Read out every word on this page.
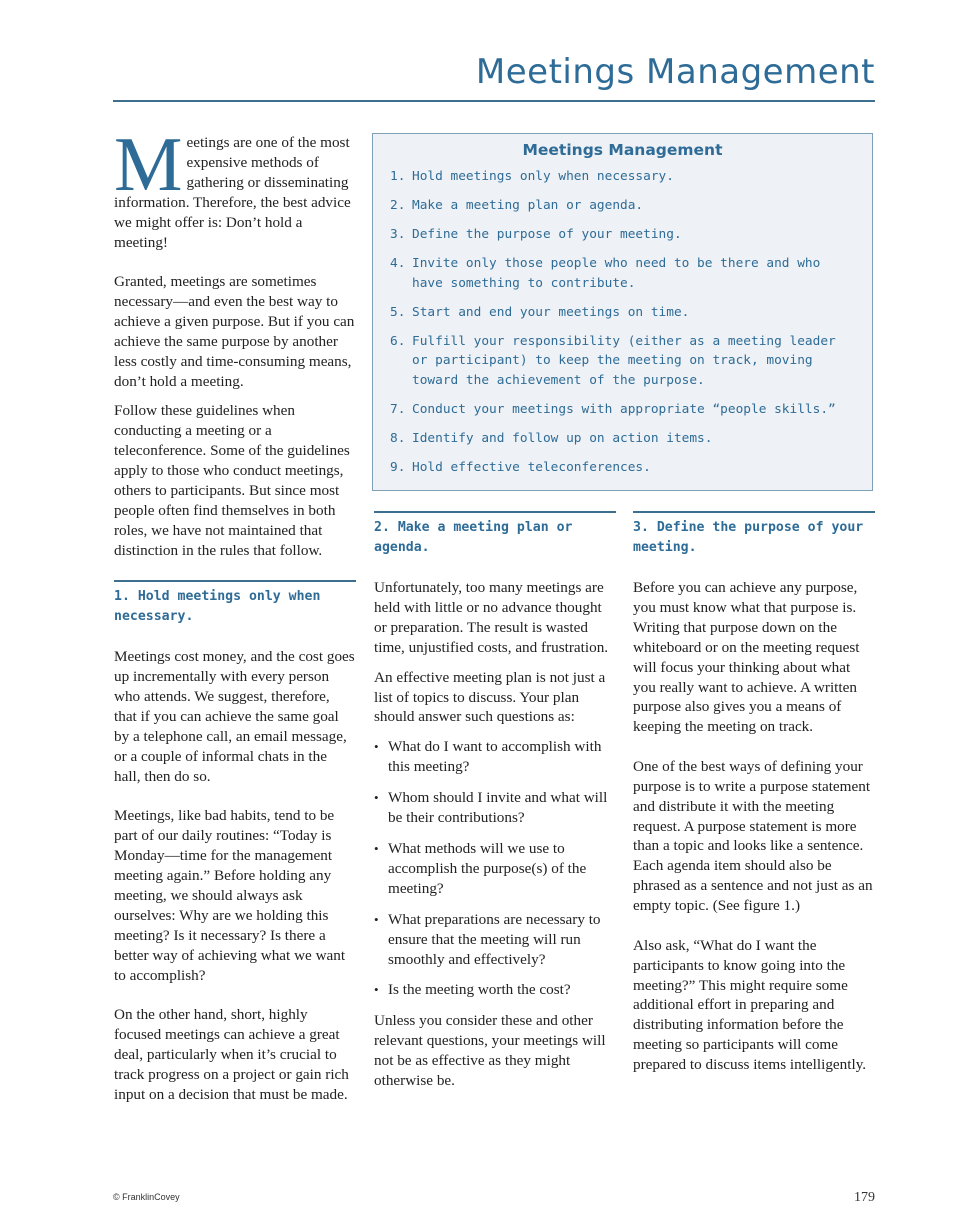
Meetings Management

Meetings are one of the most expensive methods of gathering or disseminating information. Therefore, the best advice we might offer is: Don’t hold a meeting!

Granted, meetings are sometimes necessary—and even the best way to achieve a given purpose. But if you can achieve the same purpose by another less costly and time-consuming means, don’t hold a meeting.

Follow these guidelines when conducting a meeting or a teleconference. Some of the guidelines apply to those who conduct meetings, others to participants. But since most people often find themselves in both roles, we have not maintained that distinction in the rules that follow.

1. Hold meetings only when necessary.

Meetings cost money, and the cost goes up incrementally with every person who attends. We suggest, therefore, that if you can achieve the same goal by a telephone call, an email message, or a couple of informal chats in the hall, then do so.

Meetings, like bad habits, tend to be part of our daily routines: “Today is Monday—time for the management meeting again.” Before holding any meeting, we should always ask ourselves: Why are we holding this meeting? Is it necessary? Is there a better way of achieving what we want to accomplish?

On the other hand, short, highly focused meetings can achieve a great deal, particularly when it’s crucial to track progress on a project or gain rich input on a decision that must be made.

Meetings Management
1. Hold meetings only when necessary.
2. Make a meeting plan or agenda.
3. Define the purpose of your meeting.
4. Invite only those people who need to be there and who have something to contribute.
5. Start and end your meetings on time.
6. Fulfill your responsibility (either as a meeting leader or participant) to keep the meeting on track, moving toward the achievement of the purpose.
7. Conduct your meetings with appropriate “people skills.”
8. Identify and follow up on action items.
9. Hold effective teleconferences.
2. Make a meeting plan or agenda.

Unfortunately, too many meetings are held with little or no advance thought or preparation. The result is wasted time, unjustified costs, and frustration.

An effective meeting plan is not just a list of topics to discuss. Your plan should answer such questions as:

• What do I want to accomplish with this meeting?
• Whom should I invite and what will be their contributions?
• What methods will we use to accomplish the purpose(s) of the meeting?
• What preparations are necessary to ensure that the meeting will run smoothly and effectively?
• Is the meeting worth the cost?

Unless you consider these and other relevant questions, your meetings will not be as effective as they might otherwise be.

3. Define the purpose of your meeting.

Before you can achieve any purpose, you must know what that purpose is. Writing that purpose down on the whiteboard or on the meeting request will focus your thinking about what you really want to achieve. A written purpose also gives you a means of keeping the meeting on track.

One of the best ways of defining your purpose is to write a purpose statement and distribute it with the meeting request. A purpose statement is more than a topic and looks like a sentence. Each agenda item should also be phrased as a sentence and not just as an empty topic. (See figure 1.)

Also ask, “What do I want the participants to know going into the meeting?” This might require some additional effort in preparing and distributing information before the meeting so participants will come prepared to discuss items intelligently.

© FranklinCovey	179
